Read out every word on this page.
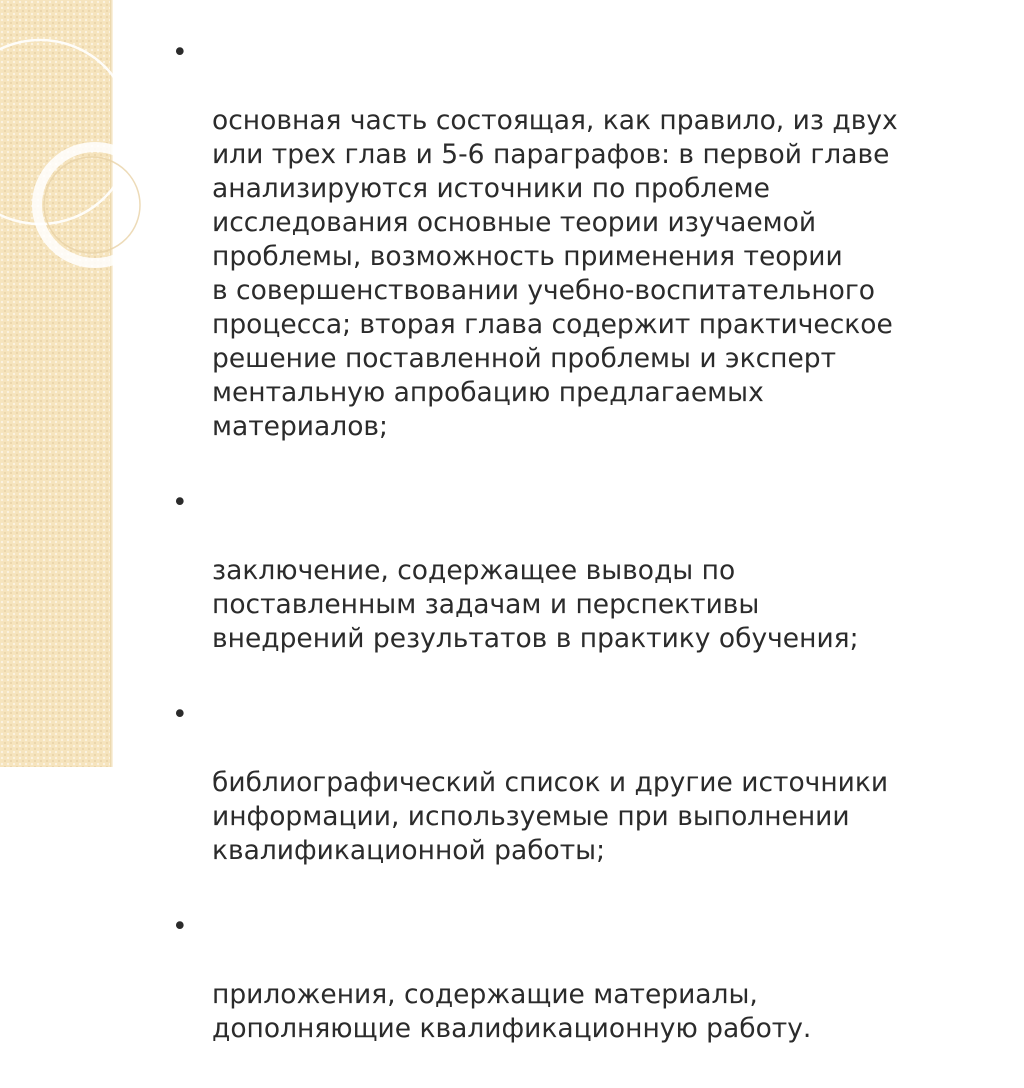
•

основная часть состоящая, как правило, из двух
или трех глав и 5-6 параграфов: в первой главе
анализируются источники по проблеме
исследования основные теории изучаемой
проблемы, возможность применения теории
в совершенствовании учебно-воспитательного
процесса; вторая глава содержит практическое
решение поставленной проблемы и эксперт
ментальную апробацию предлагаемых
материалов;

•

заключение, содержащее выводы по
поставленным задачам и перспективы
внедрений результатов в практику обучения;

•

библиографический список и другие источники
информации, используемые при выполнении
квалификационной работы;

•

приложения, содержащие материалы,
дополняющие квалификационную работу.
